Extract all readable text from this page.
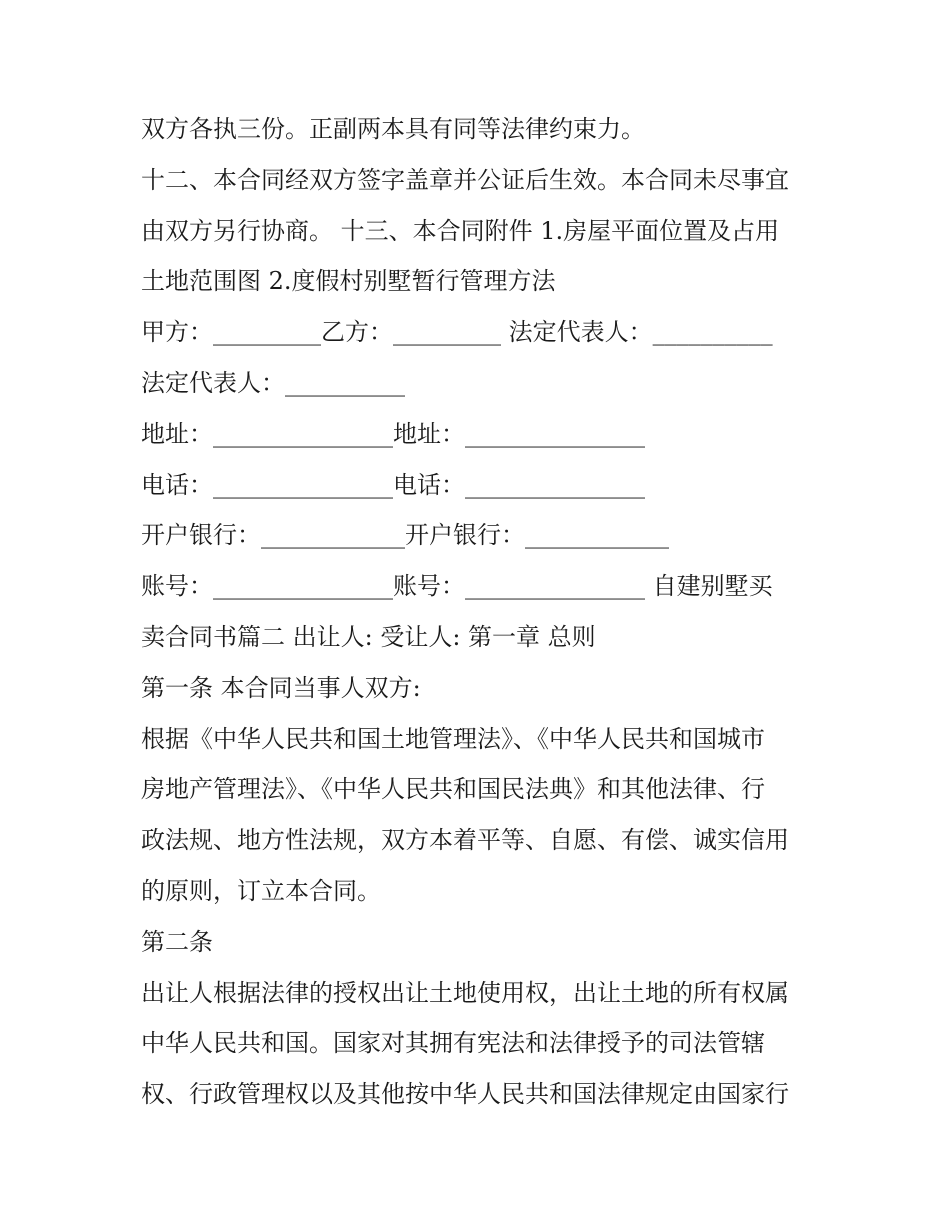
双方各执三份。正副两本具有同等法律约束力。
十二、本合同经双方签字盖章并公证后生效。本合同未尽事宜
由双方另行协商。 十三、本合同附件 1.房屋平面位置及占用
土地范围图 2.度假村别墅暂行管理方法
甲方：_________乙方：_________ 法定代表人：__________
法定代表人：__________
地址：_______________地址：_______________
电话：_______________电话：_______________
开户银行：____________开户银行：____________
账号：_______________账号：_______________ 自建别墅买
卖合同书篇二 出让人: 受让人: 第一章 总则
第一条 本合同当事人双方:
根据《中华人民共和国土地管理法》、《中华人民共和国城市
房地产管理法》、《中华人民共和国民法典》和其他法律、行
政法规、地方性法规，双方本着平等、自愿、有偿、诚实信用
的原则，订立本合同。
第二条
出让人根据法律的授权出让土地使用权，出让土地的所有权属
中华人民共和国。国家对其拥有宪法和法律授予的司法管辖
权、行政管理权以及其他按中华人民共和国法律规定由国家行
